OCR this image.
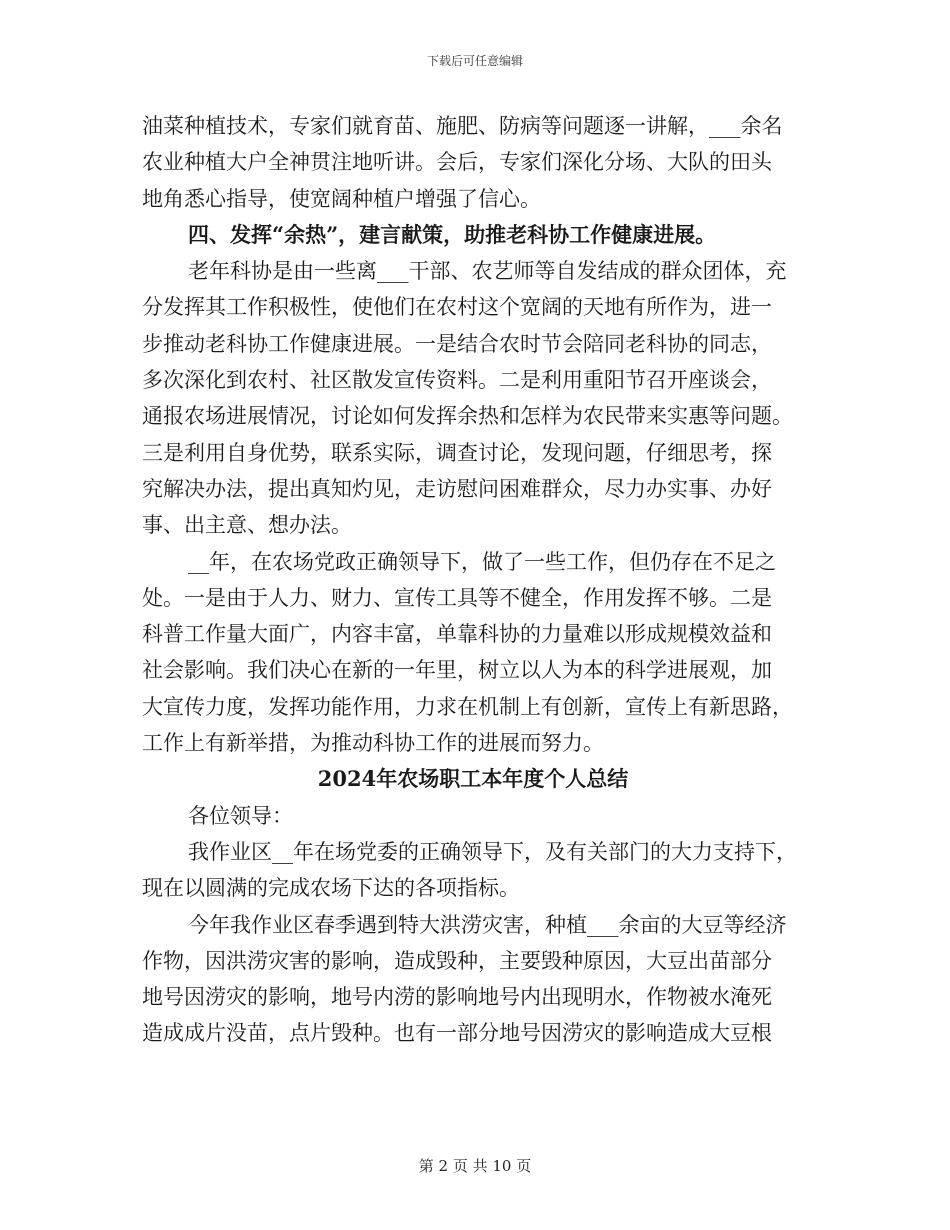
下载后可任意编辑
油菜种植技术，专家们就育苗、施肥、防病等问题逐一讲解，___余名
农业种植大户全神贯注地听讲。会后，专家们深化分场、大队的田头
地角悉心指导，使宽阔种植户增强了信心。
四、发挥“余热”，建言献策，助推老科协工作健康进展。
老年科协是由一些离___干部、农艺师等自发结成的群众团体，充
分发挥其工作积极性，使他们在农村这个宽阔的天地有所作为，进一
步推动老科协工作健康进展。一是结合农时节会陪同老科协的同志，
多次深化到农村、社区散发宣传资料。二是利用重阳节召开座谈会，
通报农场进展情况，讨论如何发挥余热和怎样为农民带来实惠等问题。
三是利用自身优势，联系实际，调查讨论，发现问题，仔细思考，探
究解决办法，提出真知灼见，走访慰问困难群众，尽力办实事、办好
事、出主意、想办法。
__年，在农场党政正确领导下，做了一些工作，但仍存在不足之
处。一是由于人力、财力、宣传工具等不健全，作用发挥不够。二是
科普工作量大面广，内容丰富，单靠科协的力量难以形成规模效益和
社会影响。我们决心在新的一年里，树立以人为本的科学进展观，加
大宣传力度，发挥功能作用，力求在机制上有创新，宣传上有新思路，
工作上有新举措，为推动科协工作的进展而努力。
2024年农场职工本年度个人总结
各位领导：
我作业区__年在场党委的正确领导下，及有关部门的大力支持下，
现在以圆满的完成农场下达的各项指标。
今年我作业区春季遇到特大洪涝灾害，种植___余亩的大豆等经济
作物，因洪涝灾害的影响，造成毁种，主要毁种原因，大豆出苗部分
地号因涝灾的影响，地号内涝的影响地号内出现明水，作物被水淹死
造成成片没苗，点片毁种。也有一部分地号因涝灾的影响造成大豆根
第 2 页 共 10 页
